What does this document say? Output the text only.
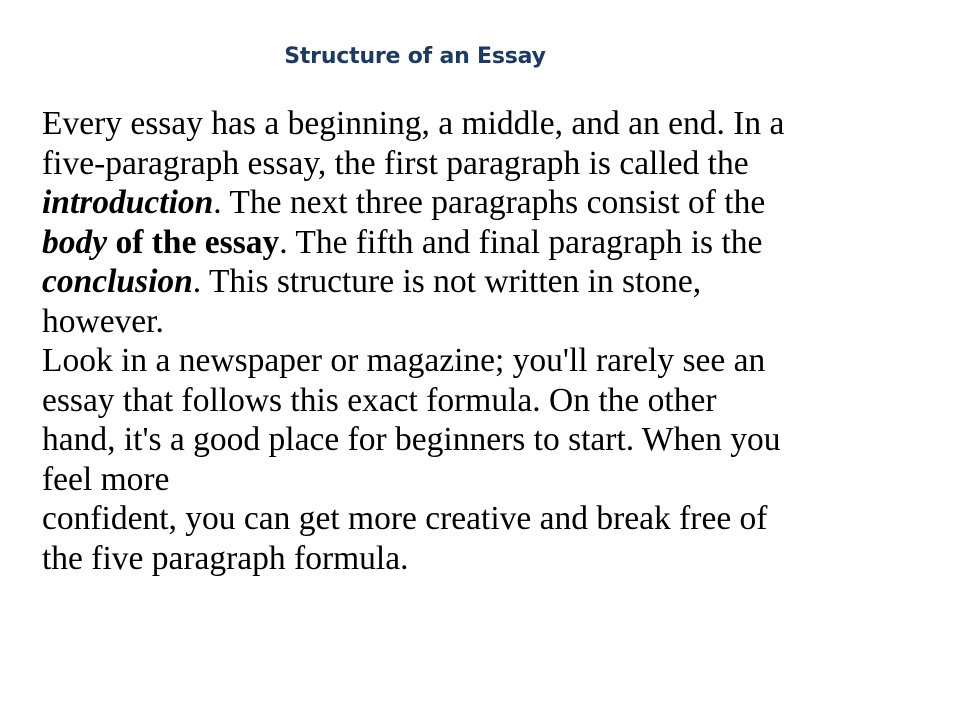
Structure of an Essay
Every essay has a beginning, a middle, and an end. In a
five-paragraph essay, the first paragraph is called the
introduction. The next three paragraphs consist of the
body of the essay. The fifth and final paragraph is the
conclusion. This structure is not written in stone,
however.
Look in a newspaper or magazine; you'll rarely see an
essay that follows this exact formula. On the other
hand, it's a good place for beginners to start. When you
feel more
confident, you can get more creative and break free of
the five paragraph formula.
